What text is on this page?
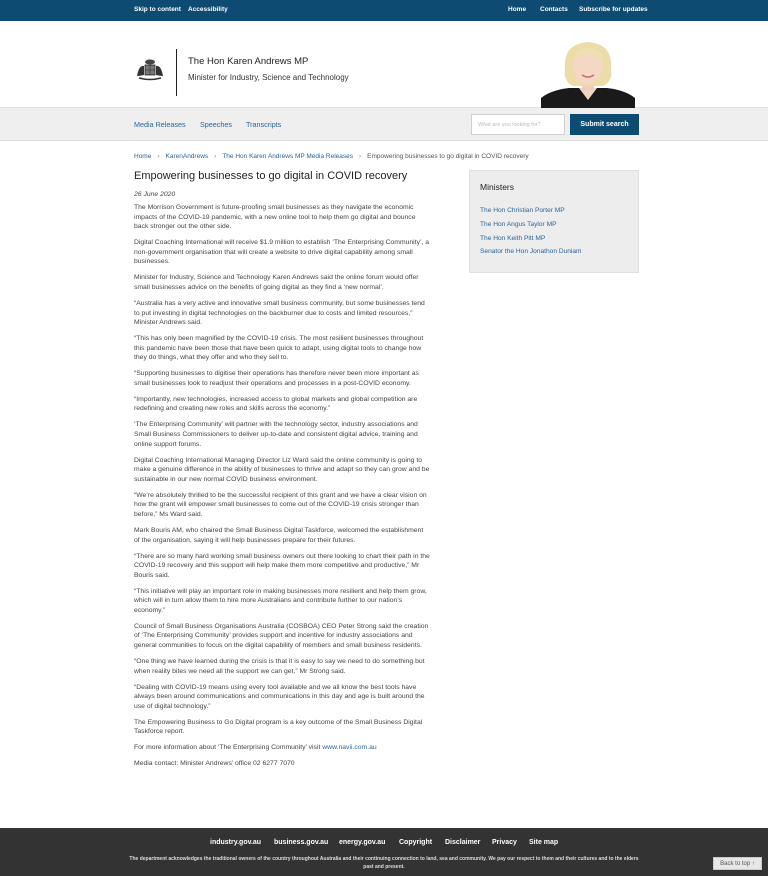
Skip to content Accessibility	Home Contacts Subscribe for updates
The Hon Karen Andrews MP
Minister for Industry, Science and Technology
Media Releases Speeches Transcripts
What are you looking for?	Submit search
Home › KarenAndrews › The Hon Karen Andrews MP Media Releases › Empowering businesses to go digital in COVID recovery
Empowering businesses to go digital in COVID recovery
26 June 2020

The Morrison Government is future-proofing small businesses as they navigate the economic impacts of the COVID-19 pandemic, with a new online tool to help them go digital and bounce back stronger out the other side.

Digital Coaching International will receive $1.9 million to establish ‘The Enterprising Community’, a non-government organisation that will create a website to drive digital capability among small businesses.

Minister for Industry, Science and Technology Karen Andrews said the online forum would offer small businesses advice on the benefits of going digital as they find a ‘new normal’.

“Australia has a very active and innovative small business community, but some businesses tend to put investing in digital technologies on the backburner due to costs and limited resources,” Minister Andrews said.

“This has only been magnified by the COVID-19 crisis. The most resilient businesses throughout this pandemic have been those that have been quick to adapt, using digital tools to change how they do things, what they offer and who they sell to.

“Supporting businesses to digitise their operations has therefore never been more important as small businesses look to readjust their operations and processes in a post-COVID economy.

“Importantly, new technologies, increased access to global markets and global competition are redefining and creating new roles and skills across the economy.”

‘The Enterprising Community’ will partner with the technology sector, industry associations and Small Business Commissioners to deliver up-to-date and consistent digital advice, training and online support forums.

Digital Coaching International Managing Director Liz Ward said the online community is going to make a genuine difference in the ability of businesses to thrive and adapt so they can grow and be sustainable in our new normal COVID business environment.

“We’re absolutely thrilled to be the successful recipient of this grant and we have a clear vision on how the grant will empower small businesses to come out of the COVID-19 crisis stronger than before,” Ms Ward said.

Mark Bouris AM, who chaired the Small Business Digital Taskforce, welcomed the establishment of the organisation, saying it will help businesses prepare for their futures.

“There are so many hard working small business owners out there looking to chart their path in the COVID-19 recovery and this support will help make them more competitive and productive,” Mr Bouris said.

“This initiative will play an important role in making businesses more resilient and help them grow, which will in turn allow them to hire more Australians and contribute further to our nation’s economy.”

Council of Small Business Organisations Australia (COSBOA) CEO Peter Strong said the creation of ‘The Enterprising Community’ provides support and incentive for industry associations and general communities to focus on the digital capability of members and small business residents.

“One thing we have learned during the crisis is that it is easy to say we need to do something but when reality bites we need all the support we can get,” Mr Strong said.

“Dealing with COVID-19 means using every tool available and we all know the best tools have always been around communications and communications in this day and age is built around the use of digital technology.”

The Empowering Business to Go Digital program is a key outcome of the Small Business Digital Taskforce report.

For more information about ‘The Enterprising Community’ visit www.navii.com.au

Media contact: Minister Andrews’ office 02 6277 7070

Ministers
The Hon Christian Porter MP
The Hon Angus Taylor MP
The Hon Keith Pitt MP
Senator the Hon Jonathon Duniam
industry.gov.au business.gov.au energy.gov.au Copyright Disclaimer Privacy Site map
The department acknowledges the traditional owners of the country throughout Australia and their continuing connection to land, sea and community. We pay our respect to them and their cultures and to the elders past and present.
Back to top ↑
